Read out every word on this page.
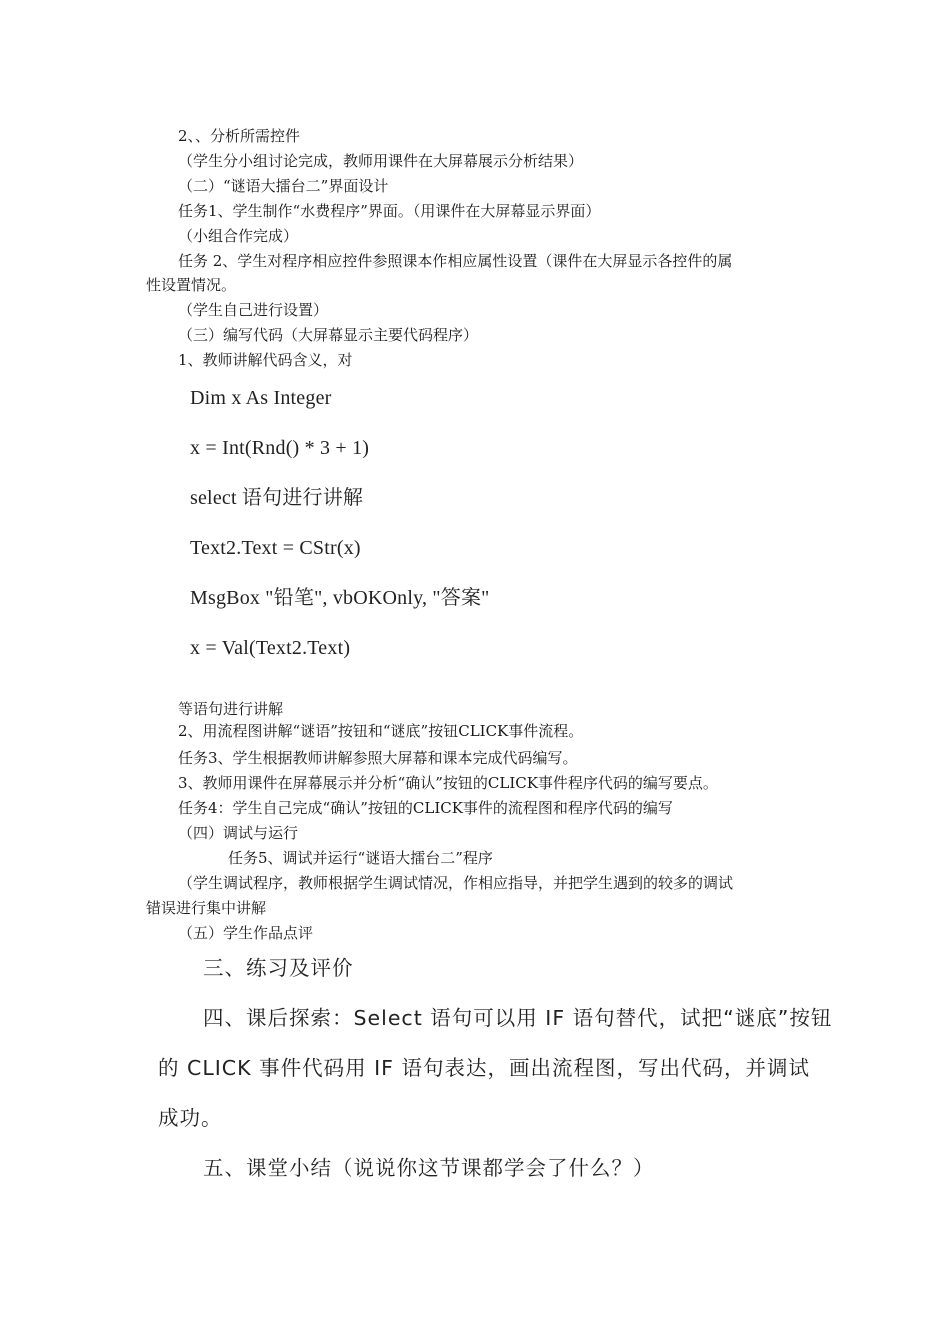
2、、分析所需控件
（学生分小组讨论完成，教师用课件在大屏幕展示分析结果）
（二）“谜语大擂台二”界面设计
任务1、学生制作“水费程序”界面。（用课件在大屏幕显示界面）
（小组合作完成）
任务 2、学生对程序相应控件参照课本作相应属性设置（课件在大屏显示各控件的属
性设置情况。
（学生自己进行设置）
（三）编写代码（大屏幕显示主要代码程序）
1、教师讲解代码含义，对
Dim x As Integer
x = Int(Rnd() * 3 + 1)
select 语句进行讲解
Text2.Text = CStr(x)
MsgBox "铅笔", vbOKOnly, "答案"
x = Val(Text2.Text)
等语句进行讲解
2、用流程图讲解“谜语”按钮和“谜底”按钮CLICK事件流程。
任务3、学生根据教师讲解参照大屏幕和课本完成代码编写。
3、教师用课件在屏幕展示并分析“确认”按钮的CLICK事件程序代码的编写要点。
任务4：学生自己完成“确认”按钮的CLICK事件的流程图和程序代码的编写
（四）调试与运行
任务5、调试并运行“谜语大擂台二”程序
（学生调试程序，教师根据学生调试情况，作相应指导，并把学生遇到的较多的调试
错误进行集中讲解
（五）学生作品点评
三、练习及评价
四、课后探索：Select 语句可以用 IF 语句替代，试把“谜底”按钮
的 CLICK 事件代码用 IF 语句表达，画出流程图，写出代码，并调试
成功。
五、课堂小结（说说你这节课都学会了什么？）
